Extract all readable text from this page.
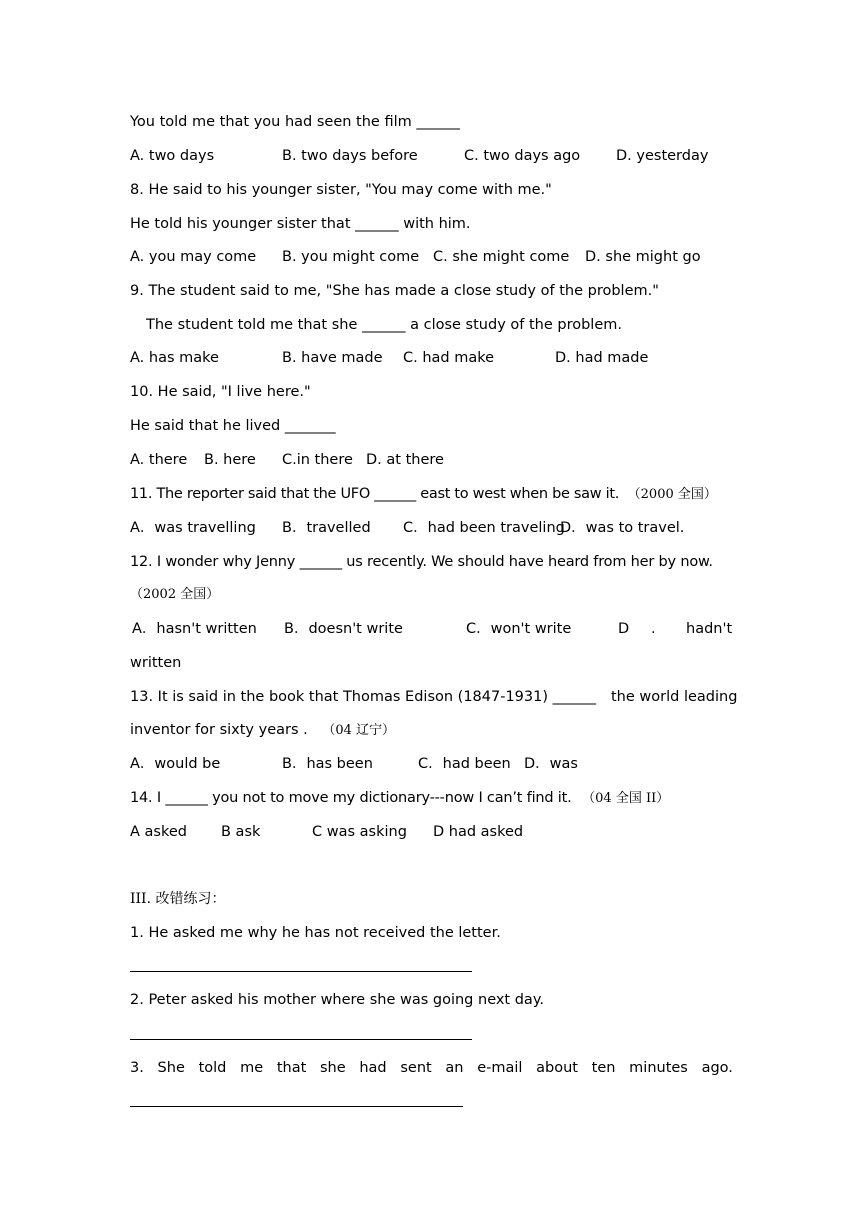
You told me that you had seen the film ______
A. two days	B. two days before	C. two days ago D. yesterday
8. He said to his younger sister, "You may come with me."
He told his younger sister that ______ with him.
A. you may come B. you might come C. she might come D. she might go
9. The student said to me, "She has made a close study of the problem."
The student told me that she ______ a close study of the problem.
A. has make	B. have made C. had make	D. had made
10. He said, "I live here."
He said that he lived _______
A. there B. here C.in there D. at there
11. The reporter said that the UFO ______ east to west when be saw it. （2000 全国）
A．was travelling B．travelled C．had been traveling
D．was to travel.
12. I wonder why Jenny ______ us recently. We should have heard from her by now.
（2002 全国）
A．hasn't written B．doesn't write	C．won't write	D . hadn't
written
13. It is said in the book that Thomas Edison (1847-1931) ______ the world leading
inventor for sixty years . （04 辽宁）
A．would be	B．has been	C．had been D．was
14. I ______ you not to move my dictionary---now I can’t find it. （04 全国 II）
A asked B ask	C was asking D had asked
III. 改错练习：
1. He asked me why he has not received the letter.
2. Peter asked his mother where she was going next day.
3. She told me that she had sent an e-mail about ten minutes ago.
